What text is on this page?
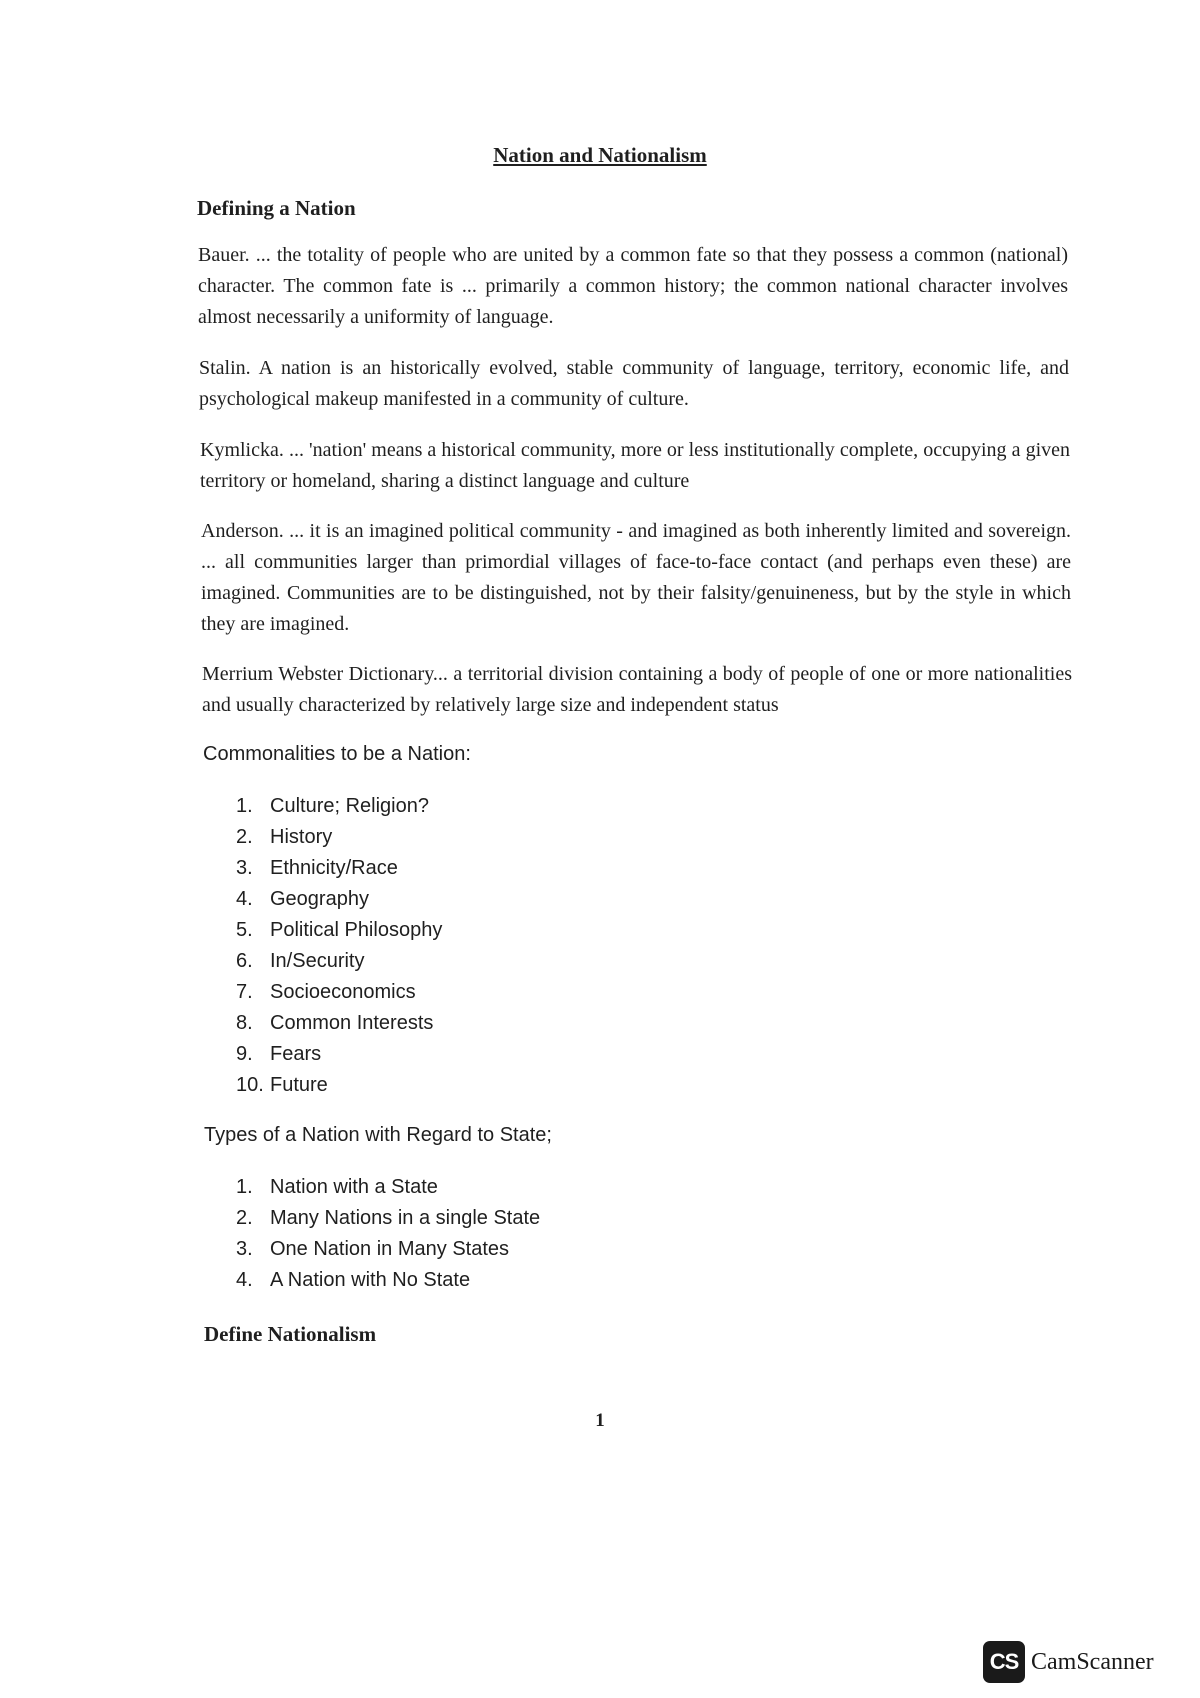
Nation and Nationalism
Defining a Nation

Bauer. ... the totality of people who are united by a common fate so that they possess a common (national) character. The common fate is ... primarily a common history; the common national character involves almost necessarily a uniformity of language.

Stalin. A nation is an historically evolved, stable community of language, territory, economic life, and psychological makeup manifested in a community of culture.

Kymlicka. ... 'nation' means a historical community, more or less institutionally complete, occupying a given territory or homeland, sharing a distinct language and culture

Anderson. ... it is an imagined political community - and imagined as both inherently limited and sovereign. ... all communities larger than primordial villages of face-to-face contact (and perhaps even these) are imagined. Communities are to be distinguished, not by their falsity/genuineness, but by the style in which they are imagined.

Merrium Webster Dictionary... a territorial division containing a body of people of one or more nationalities and usually characterized by relatively large size and independent status

Commonalities to be a Nation:

1. Culture; Religion?
2. History
3. Ethnicity/Race
4. Geography
5. Political Philosophy
6. In/Security
7. Socioeconomics
8. Common Interests
9. Fears
10. Future

Types of a Nation with Regard to State;

1. Nation with a State
2. Many Nations in a single State
3. One Nation in Many States
4. A Nation with No State
Define Nationalism
1
CS CamScanner
